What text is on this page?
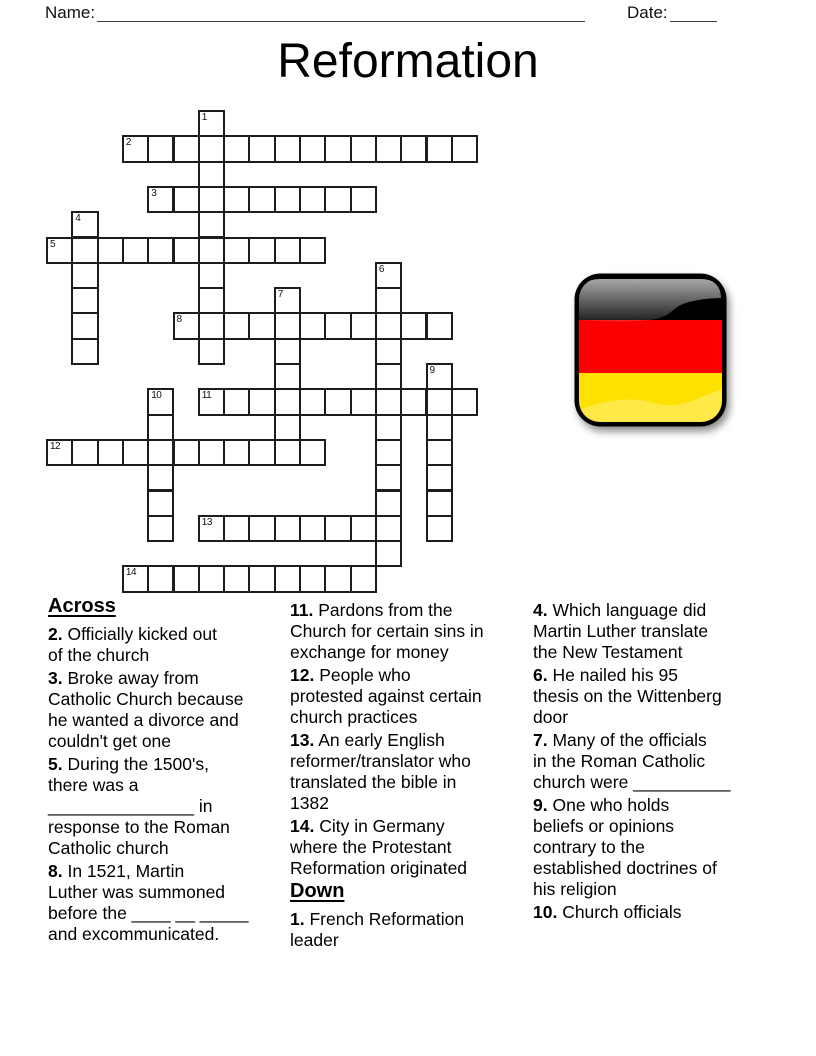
Name:	Date:
Reformation
1
2
3
4
5
6
7
8
9
10	11
12
13
14
Across

2. Officially kicked out
of the church

3. Broke away from
Catholic Church because
he wanted a divorce and
couldn't get one

5. During the 1500's,
there was a
_______________ in
response to the Roman
Catholic church

8. In 1521, Martin
Luther was summoned
before the ____ __ _____
and excommunicated.

11. Pardons from the
Church for certain sins in
exchange for money

12. People who
protested against certain
church practices

13. An early English
reformer/translator who
translated the bible in
1382

14. City in Germany
where the Protestant
Reformation originated

Down

1. French Reformation
leader

4. Which language did
Martin Luther translate
the New Testament

6. He nailed his 95
thesis on the Wittenberg
door

7. Many of the officials
in the Roman Catholic
church were __________

9. One who holds
beliefs or opinions
contrary to the
established doctrines of
his religion

10. Church officials
